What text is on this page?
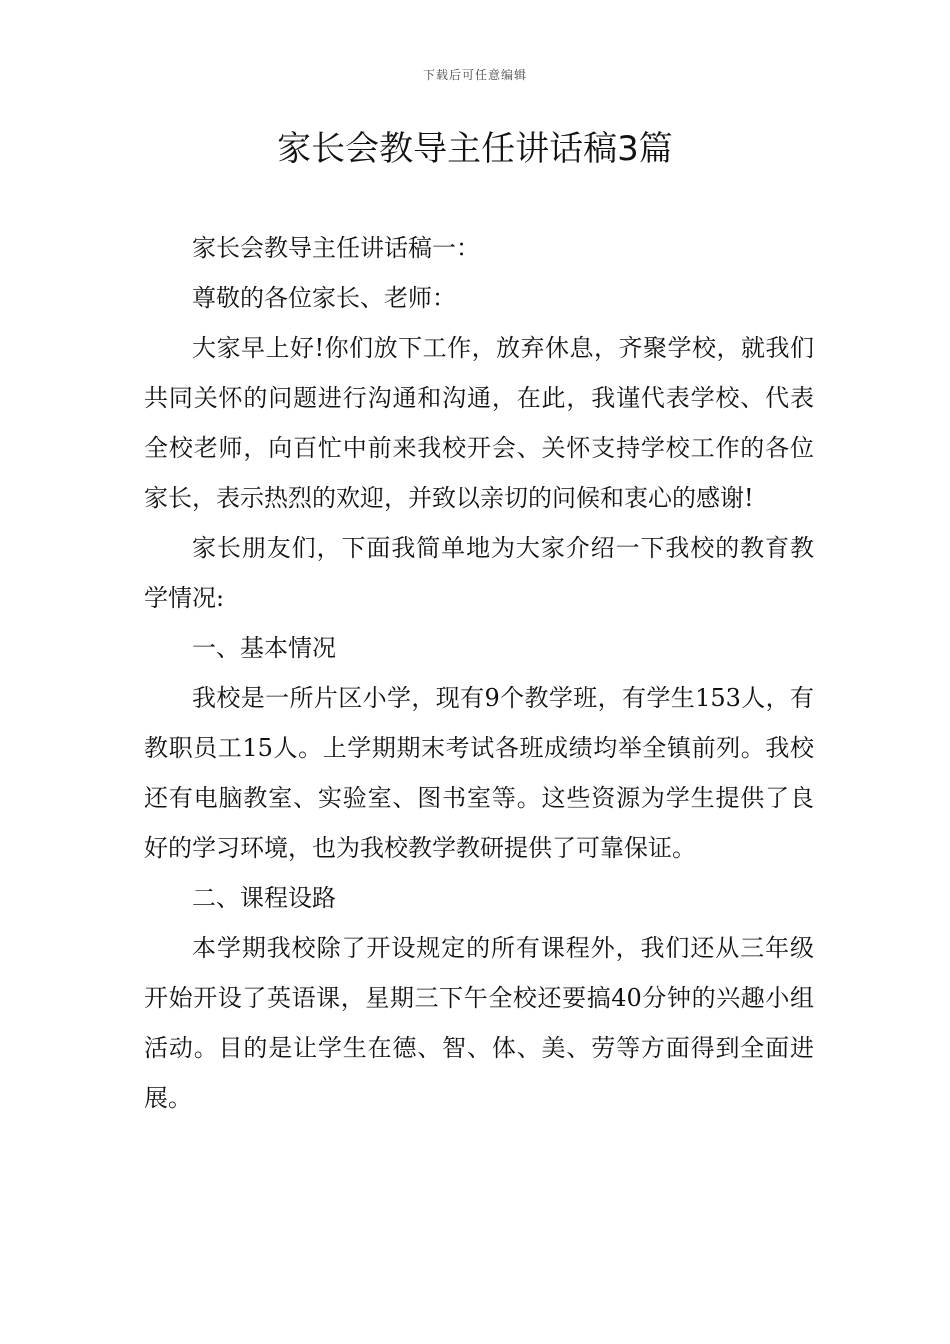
下载后可任意编辑
家长会教导主任讲话稿3篇

家长会教导主任讲话稿一：

尊敬的各位家长、老师：

大家早上好!你们放下工作，放弃休息，齐聚学校，就我们共同关怀的问题进行沟通和沟通，在此，我谨代表学校、代表全校老师，向百忙中前来我校开会、关怀支持学校工作的各位家长，表示热烈的欢迎，并致以亲切的问候和衷心的感谢!

家长朋友们，下面我简单地为大家介绍一下我校的教育教学情况:

一、基本情况

我校是一所片区小学，现有9个教学班，有学生153人，有教职员工15人。上学期期末考试各班成绩均举全镇前列。我校还有电脑教室、实验室、图书室等。这些资源为学生提供了良好的学习环境，也为我校教学教研提供了可靠保证。

二、课程设路

本学期我校除了开设规定的所有课程外，我们还从三年级开始开设了英语课，星期三下午全校还要搞40分钟的兴趣小组活动。目的是让学生在德、智、体、美、劳等方面得到全面进展。
